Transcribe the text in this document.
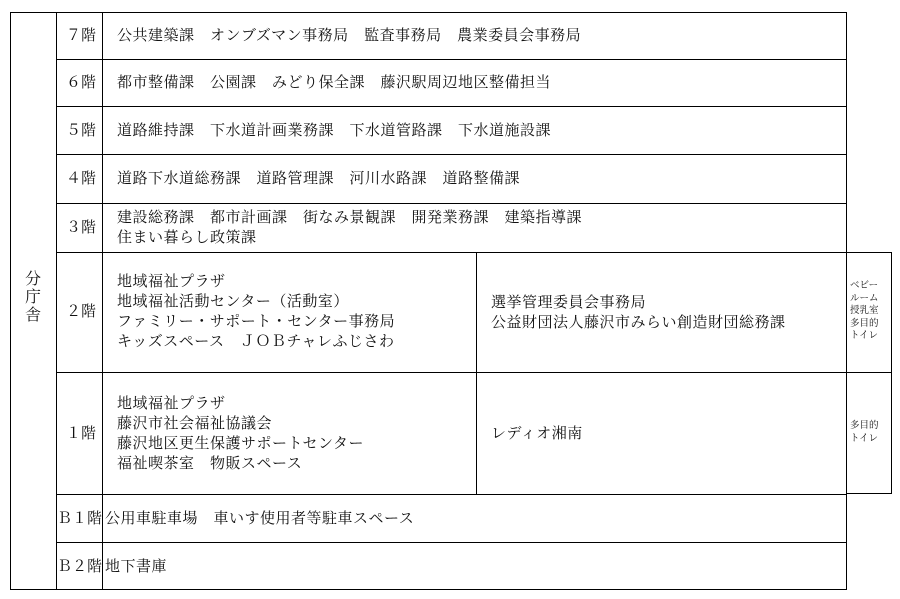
分
庁
舎
７階
６階
５階
４階
３階
２階
１階
Ｂ１階
Ｂ２階
公共建築課　オンブズマン事務局　監査事務局　農業委員会事務局
都市整備課　公園課　みどり保全課　藤沢駅周辺地区整備担当
道路維持課　下水道計画業務課　下水道管路課　下水道施設課
道路下水道総務課　道路管理課　河川水路課　道路整備課
建設総務課　都市計画課　街なみ景観課　開発業務課　建築指導課
住まい暮らし政策課
地域福祉プラザ
地域福祉活動センター（活動室）
ファミリー・サポート・センター事務局
キッズスペース　ＪＯＢチャレふじさわ
選挙管理委員会事務局
公益財団法人藤沢市みらい創造財団総務課
ベビー
ルーム
授乳室
多目的
トイレ
地域福祉プラザ
藤沢市社会福祉協議会
藤沢地区更生保護サポートセンター
福祉喫茶室　物販スペース
レディオ湘南	多目的
トイレ
公用車駐車場　車いす使用者等駐車スペース
地下書庫
